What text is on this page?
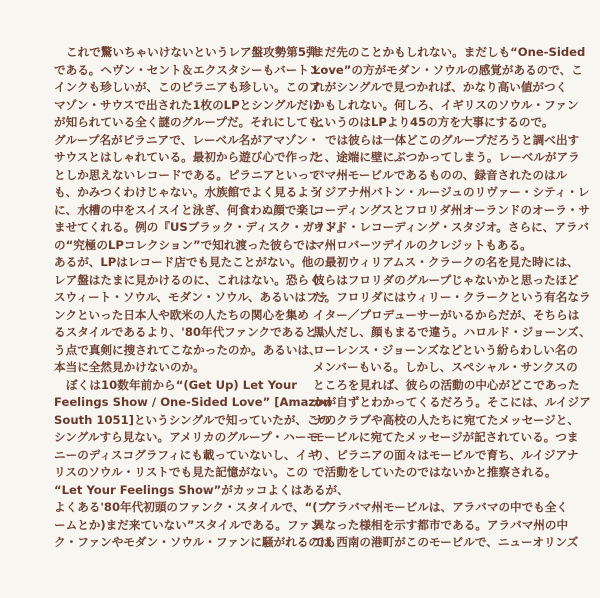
これで驚いちゃいけないというレア盤攻勢第5弾
である。ヘヴン・セント＆エクスタシーもバートン・
インクも珍しいが、このピラニアも珍しい。このア
マゾン・サウスで出された1枚のLPとシングルだけ
が知られている全く謎のグループだ。それにしても、
グループ名がピラニアで、レーベル名がアマゾン・
サウスとはしゃれている。最初から遊び心で作った
としか思えないレコードである。ピラニアといって
も、かみつくわけじゃない。水族館でよく見るよう
に、水槽の中をスイスイと泳ぎ、何食わぬ顔で楽し
ませてくれる。例の『USブラック・ディスク・ガイド』
の“究極のLPコレクション”で知れ渡った彼らでは
あるが、LPはレコード店でも見たことがない。他の
レア盤はたまに見かけるのに、これはない。恐らく、
スウィート・ソウル、モダン・ソウル、あるいはファ
ンクといった日本人や欧米の人たちの関心を集め
るスタイルであるより、'80年代ファンクであるとい
う点で真剣に捜されてこなかったのか。あるいは、
本当に全然見かけないのか。
ぼくは10数年前から“(Get Up) Let Your
Feelings Show / One-Sided Love” [Amazon
South 1051]というシングルで知っていたが、この
シングルすら見ない。アメリカのグループ・ハーモ
ニーのディスコグラフィにも載っていないし、イギ
リスのソウル・リストでも見た記憶がない。この
“Let Your Feelings Show”がカッコよくはあるが、
よくある'80年代初頭のファンク・スタイルで、“(ブ
ームとか)まだ来ていない”スタイルである。ファン
ク・ファンやモダン・ソウル・ファンに騒がれるのは
まだ先のことかもしれない。まだしも“One-Sided
Love”の方がモダン・ソウルの感覚があるので、こ
れがシングルで見つかれば、かなり高い値がつく
かもしれない。何しろ、イギリスのソウル・ファン
というのはLPより45の方を大事にするので。
では彼らは一体どこのグループだろうと調べ出す
と、途端に壁にぶつかってしまう。レーベルがアラ
バマ州モービルであるものの、録音されたのはル
イジアナ州バトン・ルージュのリヴァー・シティ・レ
コーディングスとフロリダ州オーランドのオーラ・サ
ウンド・レコーディング・スタジオ。さらに、アラバ
マ州ロバーツデイルのクレジットもある。
最初ウィリアムス・クラークの名を見た時には、
彼らはフロリダのグループじゃないかと思ったほど
だ。フロリダにはウィリー・クラークという有名なラ
イター／プロデューサーがいるからだが、そちらは
黒人だし、顔もまるで違う。ハロルド・ジョーンズ、
ローレンス・ジョーンズなどという紛らわしい名の
メンバーもいる。しかし、スペシャル・サンクスの
ところを見れば、彼らの活動の中心がどこであった
かが自ずとわかってくるだろう。そこには、ルイジア
ナのクラブや高校の人たちに宛てたメッセージと、
モービルに宛てたメッセージが記されている。つま
り、ピラニアの面々はモービルで育ち、ルイジアナ
で活動をしていたのではないかと推察される。
アラバマ州モービルは、アラバマの中でも全く
異なった様相を示す都市である。アラバマ州の中
でも西南の港町がこのモービルで、ニューオリンズ
